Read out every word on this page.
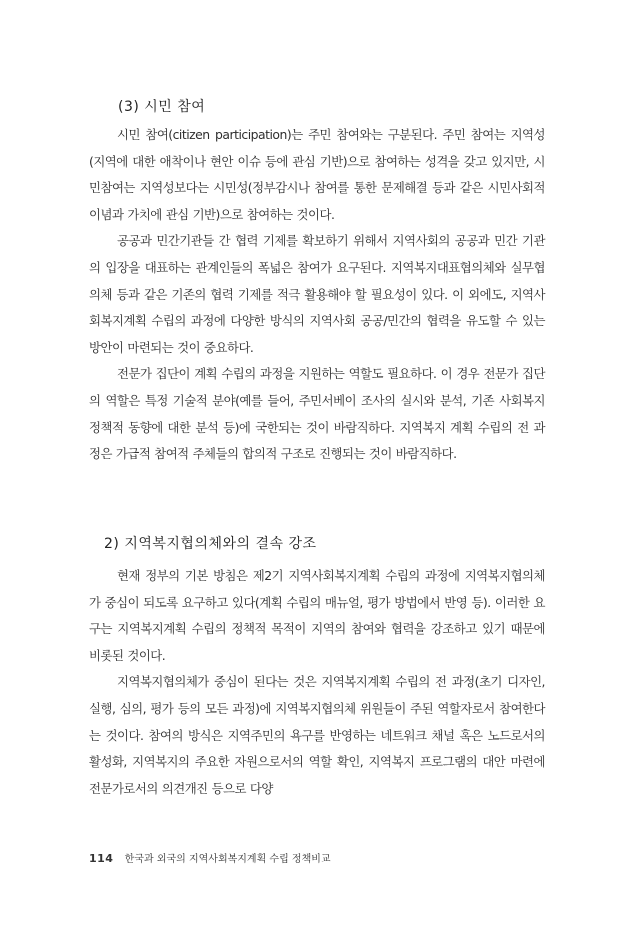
(3) 시민 참여

시민 참여(citizen participation)는 주민 참여와는 구분된다. 주민 참여는 지역성(지역에 대한 애착이나 현안 이슈 등에 관심 기반)으로 참여하는 성격을 갖고 있지만, 시민참여는 지역성보다는 시민성(정부감시나 참여를 통한 문제해결 등과 같은 시민사회적 이념과 가치에 관심 기반)으로 참여하는 것이다.

공공과 민간기관들 간 협력 기제를 확보하기 위해서 지역사회의 공공과 민간 기관의 입장을 대표하는 관계인들의 폭넓은 참여가 요구된다. 지역복지대표협의체와 실무협의체 등과 같은 기존의 협력 기제를 적극 활용해야 할 필요성이 있다. 이 외에도, 지역사회복지계획 수립의 과정에 다양한 방식의 지역사회 공공/민간의 협력을 유도할 수 있는 방안이 마련되는 것이 중요하다.

전문가 집단이 계획 수립의 과정을 지원하는 역할도 필요하다. 이 경우 전문가 집단의 역할은 특정 기술적 분야(예를 들어, 주민서베이 조사의 실시와 분석, 기존 사회복지 정책적 동향에 대한 분석 등)에 국한되는 것이 바람직하다. 지역복지 계획 수립의 전 과정은 가급적 참여적 주체들의 합의적 구조로 진행되는 것이 바람직하다.

2) 지역복지협의체와의 결속 강조

현재 정부의 기본 방침은 제2기 지역사회복지계획 수립의 과정에 지역복지협의체가 중심이 되도록 요구하고 있다(계획 수립의 매뉴얼, 평가 방법에서 반영 등). 이러한 요구는 지역복지계획 수립의 정책적 목적이 지역의 참여와 협력을 강조하고 있기 때문에 비롯된 것이다.

지역복지협의체가 중심이 된다는 것은 지역복지계획 수립의 전 과정(초기 디자인, 실행, 심의, 평가 등의 모든 과정)에 지역복지협의체 위원들이 주된 역할자로서 참여한다는 것이다. 참여의 방식은 지역주민의 욕구를 반영하는 네트워크 채널 혹은 노드로서의 활성화, 지역복지의 주요한 자원으로서의 역할 확인, 지역복지 프로그램의 대안 마련에 전문가로서의 의견개진 등으로 다양

114 한국과 외국의 지역사회복지계획 수립 정책비교
